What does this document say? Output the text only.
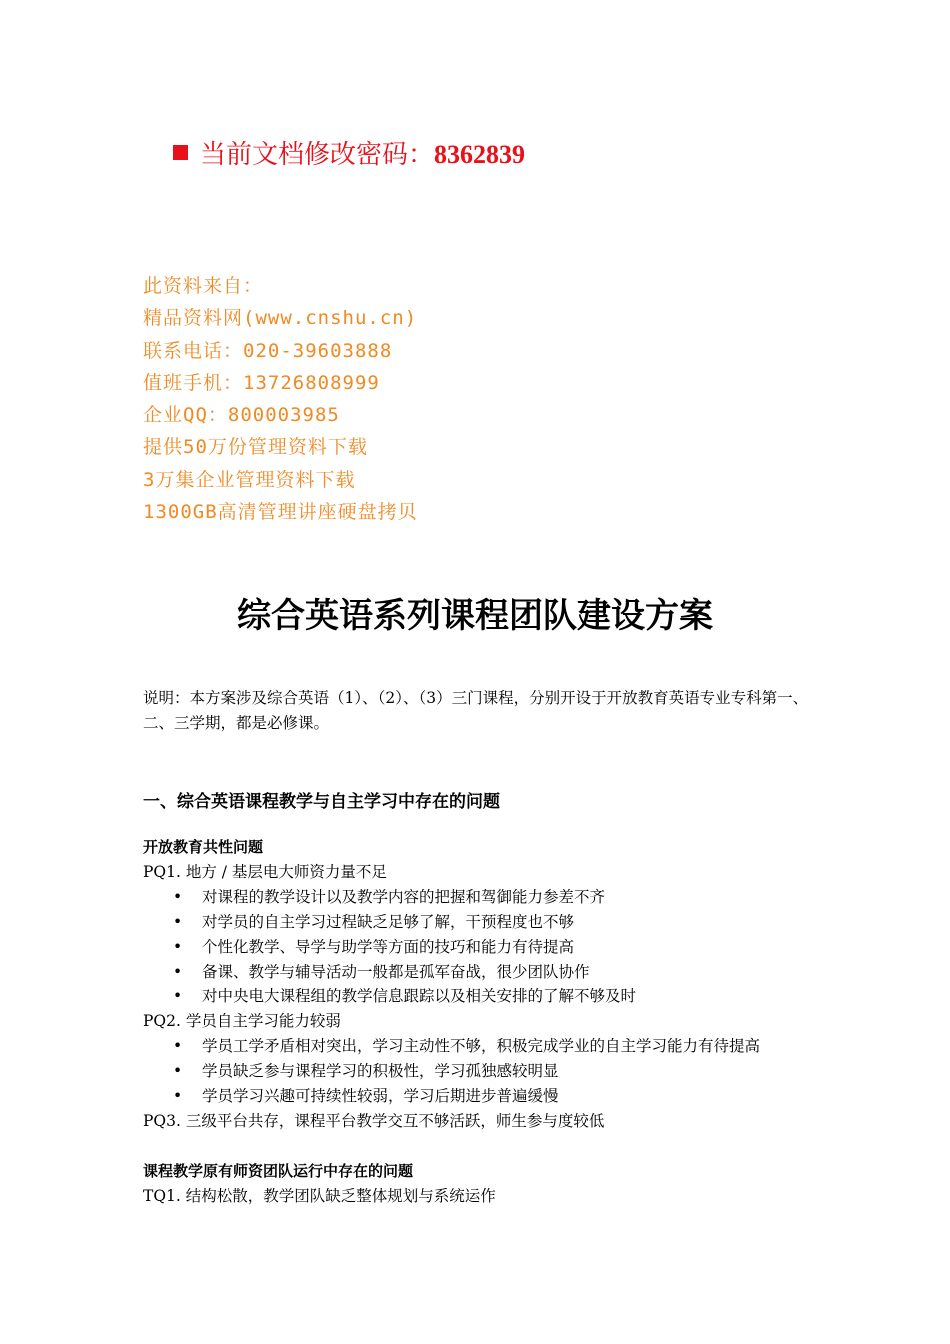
当前文档修改密码：8362839
此资料来自：
精品资料网(www.cnshu.cn)
联系电话：020-39603888
值班手机：13726808999
企业QQ：800003985
提供50万份管理资料下载
3万集企业管理资料下载
1300GB高清管理讲座硬盘拷贝
综合英语系列课程团队建设方案
说明：本方案涉及综合英语（1）、（2）、（3）三门课程，分别开设于开放教育英语专业专科第一、二、三学期，都是必修课。
一、综合英语课程教学与自主学习中存在的问题
开放教育共性问题
PQ1. 地方 / 基层电大师资力量不足
• 对课程的教学设计以及教学内容的把握和驾御能力参差不齐
• 对学员的自主学习过程缺乏足够了解，干预程度也不够
• 个性化教学、导学与助学等方面的技巧和能力有待提高
• 备课、教学与辅导活动一般都是孤军奋战，很少团队协作
• 对中央电大课程组的教学信息跟踪以及相关安排的了解不够及时
PQ2. 学员自主学习能力较弱
• 学员工学矛盾相对突出，学习主动性不够，积极完成学业的自主学习能力有待提高
• 学员缺乏参与课程学习的积极性，学习孤独感较明显
• 学员学习兴趣可持续性较弱，学习后期进步普遍缓慢
PQ3. 三级平台共存，课程平台教学交互不够活跃，师生参与度较低
课程教学原有师资团队运行中存在的问题
TQ1. 结构松散，教学团队缺乏整体规划与系统运作
